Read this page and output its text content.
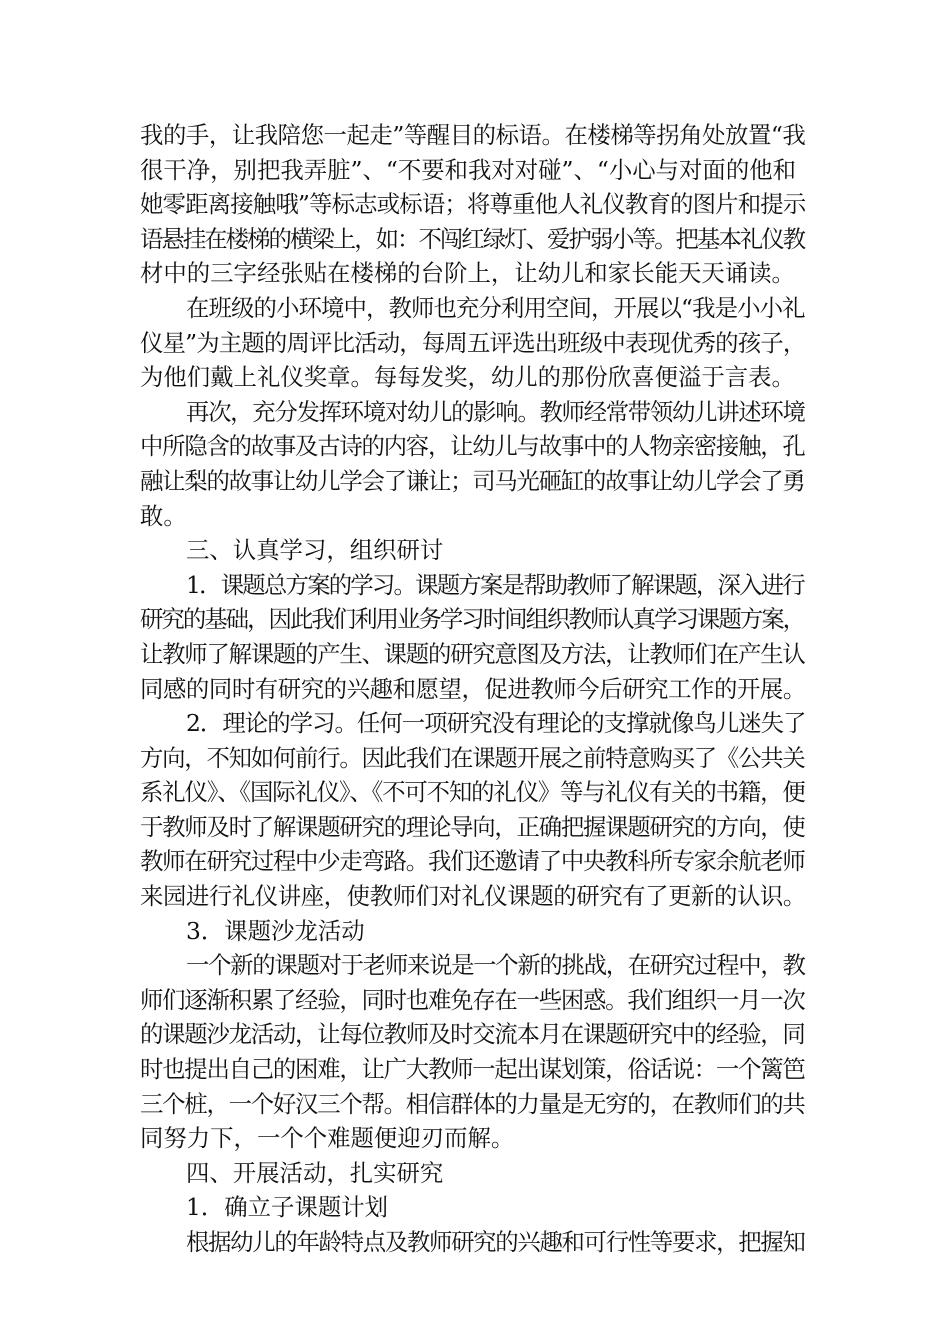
我的手，让我陪您一起走”等醒目的标语。在楼梯等拐角处放置“我
很干净，别把我弄脏”、“不要和我对对碰”、“小心与对面的他和
她零距离接触哦”等标志或标语；将尊重他人礼仪教育的图片和提示
语悬挂在楼梯的横梁上，如：不闯红绿灯、爱护弱小等。把基本礼仪教
材中的三字经张贴在楼梯的台阶上，让幼儿和家长能天天诵读。
在班级的小环境中，教师也充分利用空间，开展以“我是小小礼
仪星”为主题的周评比活动，每周五评选出班级中表现优秀的孩子，
为他们戴上礼仪奖章。每每发奖，幼儿的那份欣喜便溢于言表。
再次，充分发挥环境对幼儿的影响。教师经常带领幼儿讲述环境
中所隐含的故事及古诗的内容，让幼儿与故事中的人物亲密接触，孔
融让梨的故事让幼儿学会了谦让；司马光砸缸的故事让幼儿学会了勇
敢。
三、认真学习，组织研讨
1．课题总方案的学习。课题方案是帮助教师了解课题，深入进行
研究的基础，因此我们利用业务学习时间组织教师认真学习课题方案，
让教师了解课题的产生、课题的研究意图及方法，让教师们在产生认
同感的同时有研究的兴趣和愿望，促进教师今后研究工作的开展。
2．理论的学习。任何一项研究没有理论的支撑就像鸟儿迷失了
方向，不知如何前行。因此我们在课题开展之前特意购买了《公共关
系礼仪》、《国际礼仪》、《不可不知的礼仪》等与礼仪有关的书籍，便
于教师及时了解课题研究的理论导向，正确把握课题研究的方向，使
教师在研究过程中少走弯路。我们还邀请了中央教科所专家余航老师
来园进行礼仪讲座，使教师们对礼仪课题的研究有了更新的认识。
3．课题沙龙活动
一个新的课题对于老师来说是一个新的挑战，在研究过程中，教
师们逐渐积累了经验，同时也难免存在一些困惑。我们组织一月一次
的课题沙龙活动，让每位教师及时交流本月在课题研究中的经验，同
时也提出自己的困难，让广大教师一起出谋划策，俗话说：一个篱笆
三个桩，一个好汉三个帮。相信群体的力量是无穷的，在教师们的共
同努力下，一个个难题便迎刃而解。
四、开展活动，扎实研究
1．确立子课题计划
根据幼儿的年龄特点及教师研究的兴趣和可行性等要求，把握知
